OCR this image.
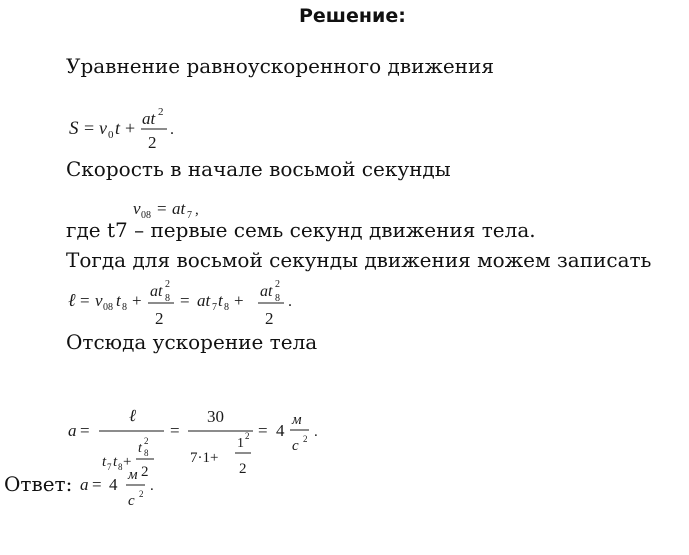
Решение:
Уравнение равноускоренного движения
S = v 0 t + at 2
2
.
Скорость в начале восьмой секунды
v 08 = at 7 ,
где t7 – первые семь секунд движения тела.
Тогда для восьмой секунды движения можем записать
ℓ = v 08 t 8 + at 2
8
2
= at 7 t 8 + at 2
8
2
.
Отсюда ускорение тела
a =
ℓ
t 7 t 8 +
t 2
8
2
=
30
7·1+
1 2
2
= 4
м
с 2 .
Ответ: a = 4 м
с 2 .
